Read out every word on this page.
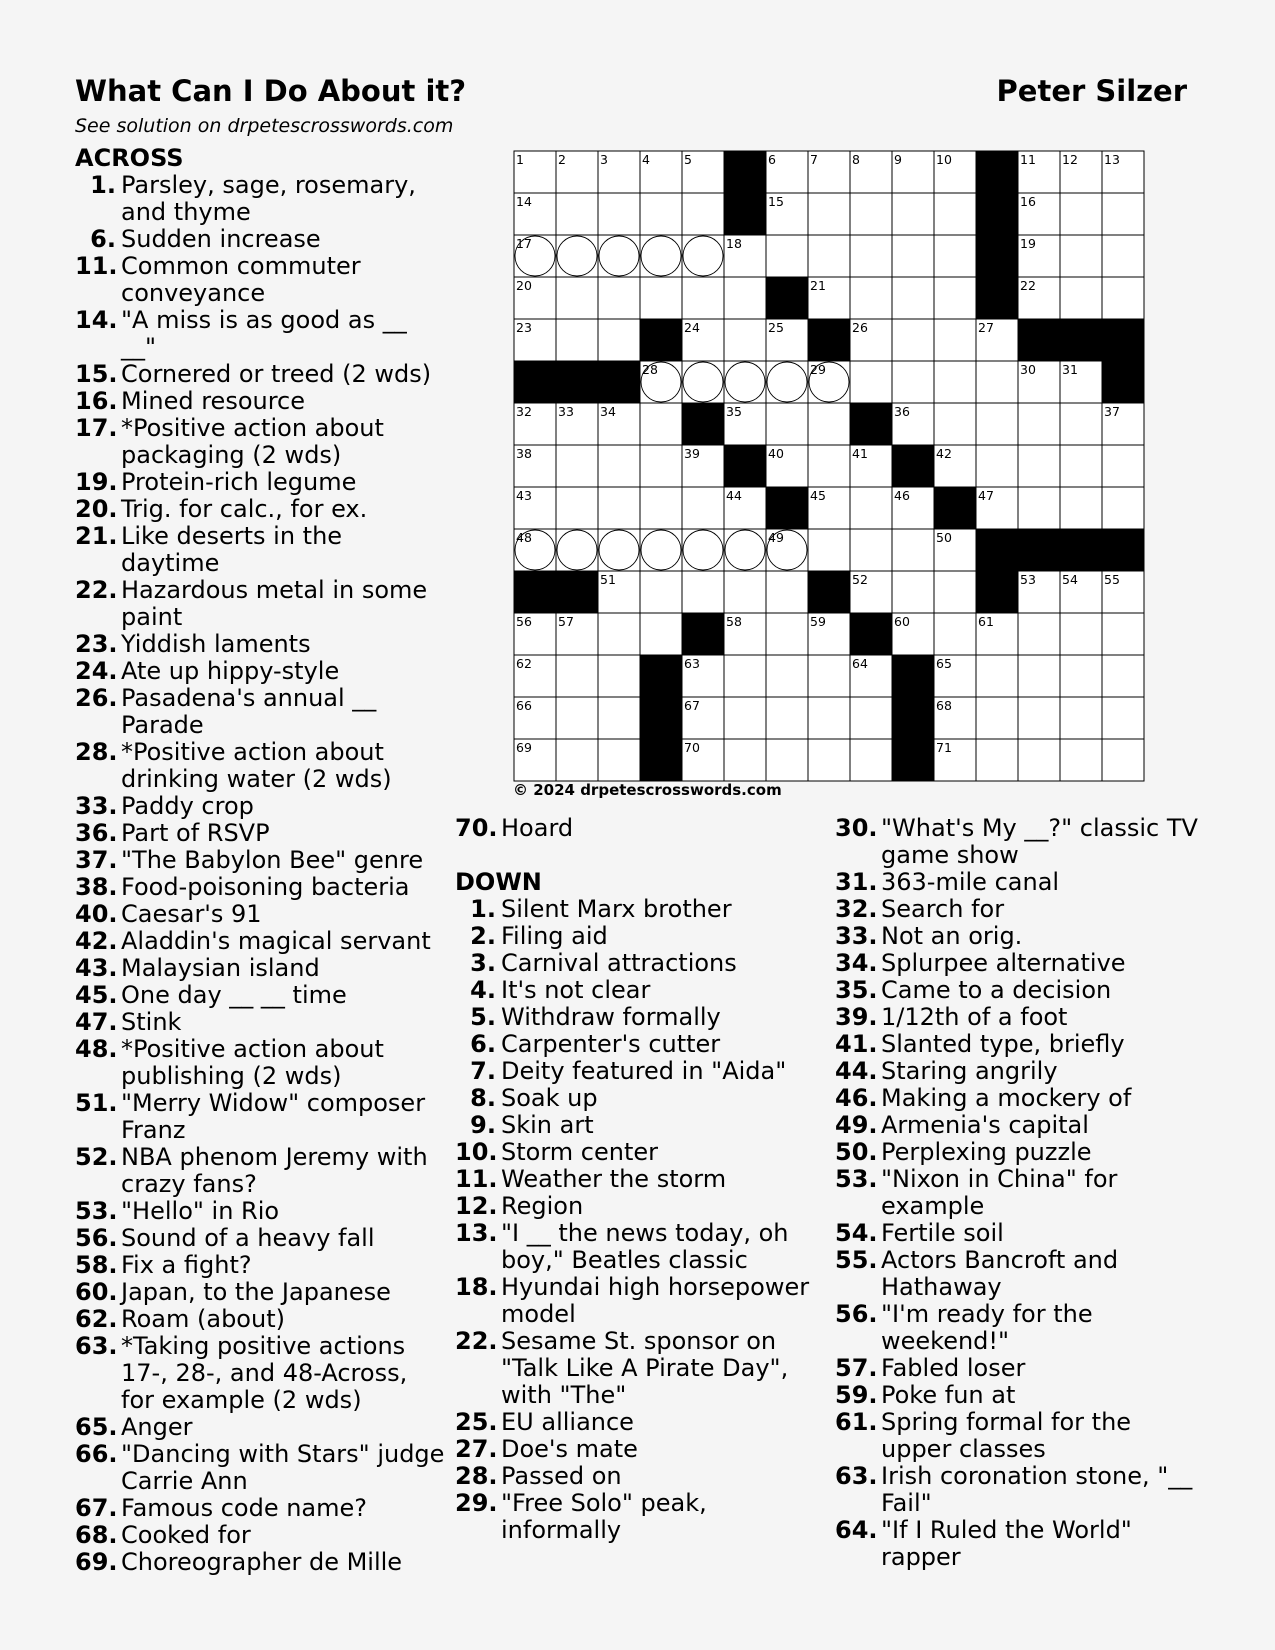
What Can I Do About it?	Peter Silzer
See solution on drpetescrosswords.com
1	2	3	4	5	6	7	8	9	10	11 12 13
14	15	16
17	18	19
20	21	22
23	24	25	26	27
28	29	30 31
32 33 34	35	36	37
38	39	40	41	42
43	44	45	46	47
48	49	50
51	52	53 54 55
56 57	58	59	60	61
62	63	64	65
66	67	68
69	70	71
© 2024 drpetescrosswords.com
ACROSS
1. Parsley, sage, rosemary, and thyme
6. Sudden increase
11. Common commuter conveyance
14. "A miss is as good as __ __"
15. Cornered or treed (2 wds)
16. Mined resource
17. *Positive action about packaging (2 wds)
19. Protein-rich legume
20. Trig. for calc., for ex.
21. Like deserts in the daytime
22. Hazardous metal in some paint
23. Yiddish laments
24. Ate up hippy-style
26. Pasadena's annual __ Parade
28. *Positive action about drinking water (2 wds)
33. Paddy crop
36. Part of RSVP
37. "The Babylon Bee" genre
38. Food-poisoning bacteria
40. Caesar's 91
42. Aladdin's magical servant
43. Malaysian island
45. One day __ __ time
47. Stink
48. *Positive action about publishing (2 wds)
51. "Merry Widow" composer Franz
52. NBA phenom Jeremy with crazy fans?
53. "Hello" in Rio
56. Sound of a heavy fall
58. Fix a fight?
60. Japan, to the Japanese
62. Roam (about)
63. *Taking positive actions 17-, 28-, and 48-Across, for example (2 wds)
65. Anger
66. "Dancing with Stars" judge Carrie Ann
67. Famous code name?
68. Cooked for
69. Choreographer de Mille
70. Hoard
DOWN
1. Silent Marx brother
2. Filing aid
3. Carnival attractions
4. It's not clear
5. Withdraw formally
6. Carpenter's cutter
7. Deity featured in "Aida"
8. Soak up
9. Skin art
10. Storm center
11. Weather the storm
12. Region
13. "I __ the news today, oh boy," Beatles classic
18. Hyundai high horsepower model
22. Sesame St. sponsor on "Talk Like A Pirate Day", with "The"
25. EU alliance
27. Doe's mate
28. Passed on
29. "Free Solo" peak, informally
30. "What's My __?" classic TV game show
31. 363-mile canal
32. Search for
33. Not an orig.
34. Splurpee alternative
35. Came to a decision
39. 1/12th of a foot
41. Slanted type, briefly
44. Staring angrily
46. Making a mockery of
49. Armenia's capital
50. Perplexing puzzle
53. "Nixon in China" for example
54. Fertile soil
55. Actors Bancroft and Hathaway
56. "I'm ready for the weekend!"
57. Fabled loser
59. Poke fun at
61. Spring formal for the upper classes
63. Irish coronation stone, "__ Fail"
64. "If I Ruled the World" rapper
